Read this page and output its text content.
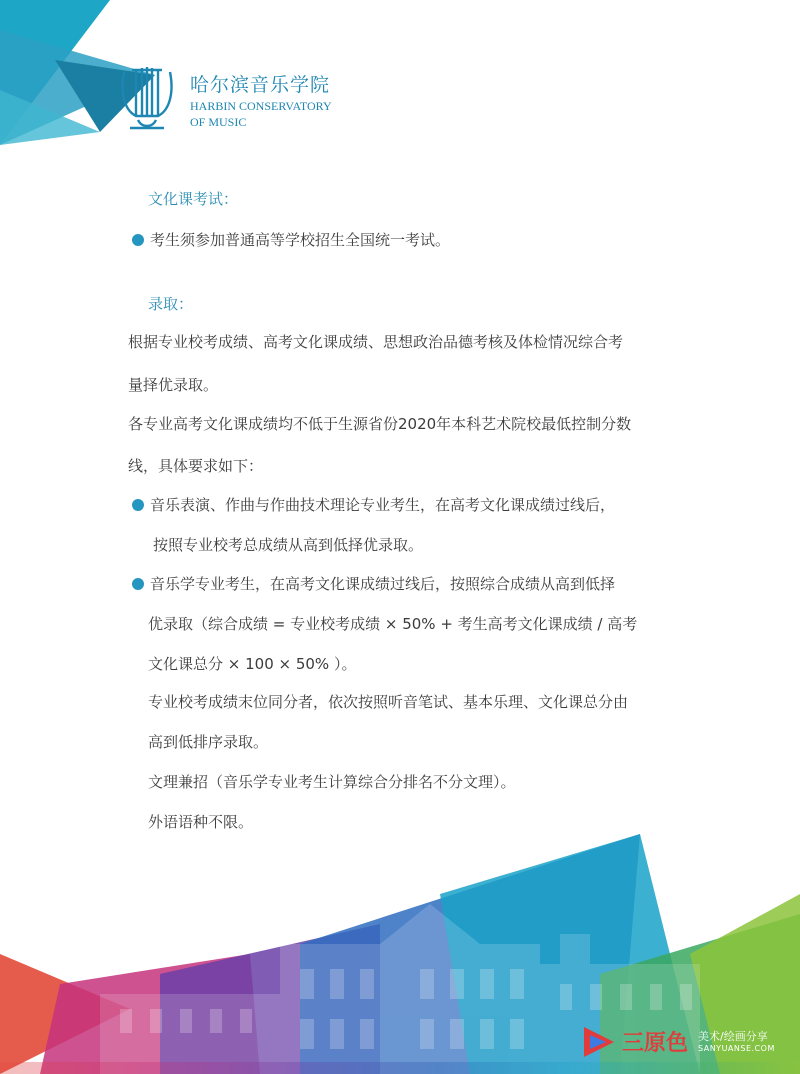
哈尔滨音乐学院
HARBIN CONSERVATORY
OF MUSIC
文化课考试：
考生须参加普通高等学校招生全国统一考试。
录取：
根据专业校考成绩、高考文化课成绩、思想政治品德考核及体检情况综合考
量择优录取。
各专业高考文化课成绩均不低于生源省份2020年本科艺术院校最低控制分数
线，具体要求如下：
音乐表演、作曲与作曲技术理论专业考生，在高考文化课成绩过线后，
按照专业校考总成绩从高到低择优录取。
音乐学专业考生，在高考文化课成绩过线后，按照综合成绩从高到低择
优录取（综合成绩 = 专业校考成绩 × 50% + 考生高考文化课成绩 / 高考
文化课总分 × 100 × 50% ）。
专业校考成绩末位同分者，依次按照听音笔试、基本乐理、文化课总分由
高到低排序录取。
文理兼招（音乐学专业考生计算综合分排名不分文理）。
外语语种不限。
三原色 美术/绘画分享
SANYUANSE.COM
